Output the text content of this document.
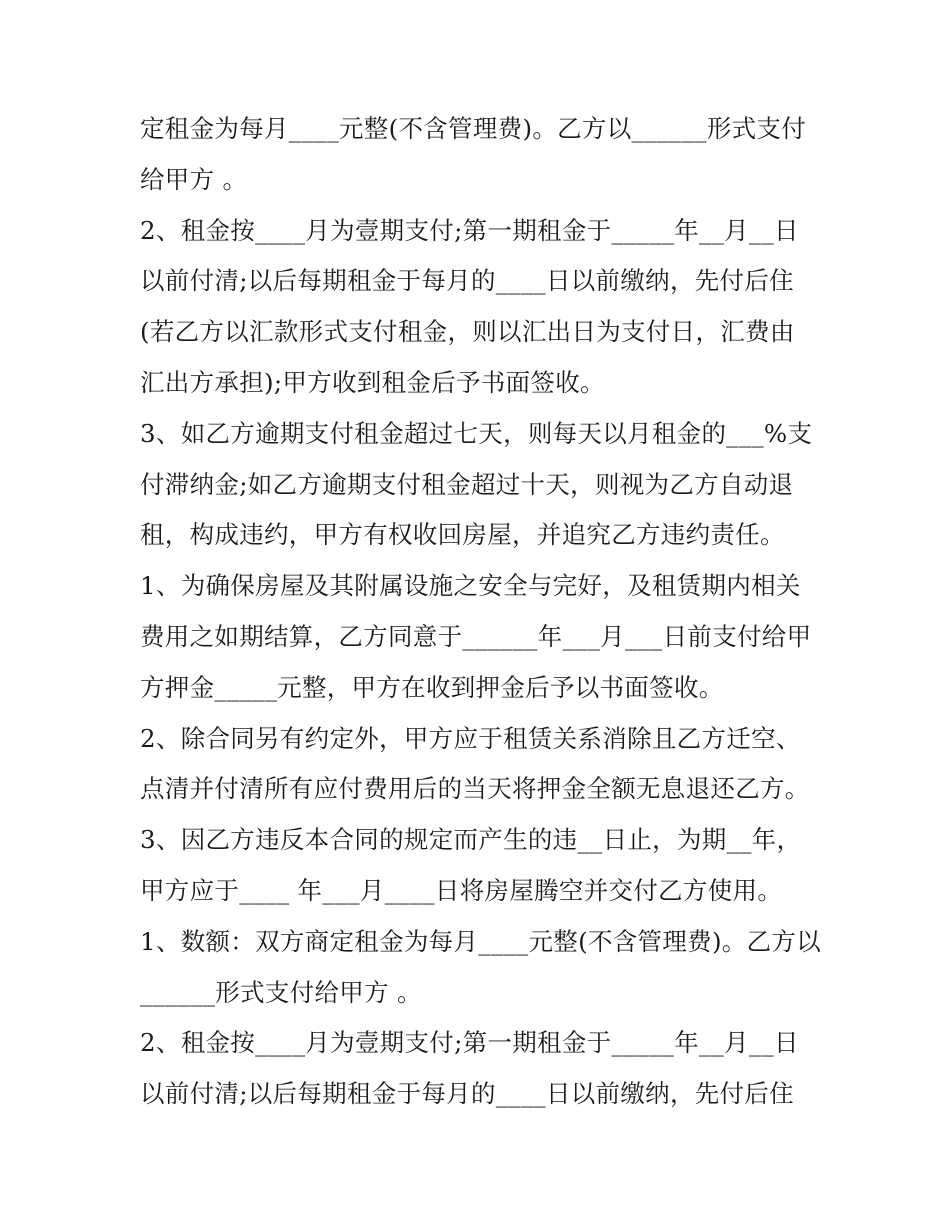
定租金为每月____元整(不含管理费)。乙方以______形式支付
给甲方 。
2、租金按____月为壹期支付;第一期租金于_____年__月__日
以前付清;以后每期租金于每月的____日以前缴纳，先付后住
(若乙方以汇款形式支付租金，则以汇出日为支付日，汇费由
汇出方承担);甲方收到租金后予书面签收。
3、如乙方逾期支付租金超过七天，则每天以月租金的___%支
付滞纳金;如乙方逾期支付租金超过十天，则视为乙方自动退
租，构成违约，甲方有权收回房屋，并追究乙方违约责任。
1、为确保房屋及其附属设施之安全与完好，及租赁期内相关
费用之如期结算，乙方同意于______年___月___日前支付给甲
方押金_____元整，甲方在收到押金后予以书面签收。
2、除合同另有约定外，甲方应于租赁关系消除且乙方迁空、
点清并付清所有应付费用后的当天将押金全额无息退还乙方。
3、因乙方违反本合同的规定而产生的违__日止，为期__年，
甲方应于____ 年___月____日将房屋腾空并交付乙方使用。
1、数额：双方商定租金为每月____元整(不含管理费)。乙方以
______形式支付给甲方 。
2、租金按____月为壹期支付;第一期租金于_____年__月__日
以前付清;以后每期租金于每月的____日以前缴纳，先付后住
